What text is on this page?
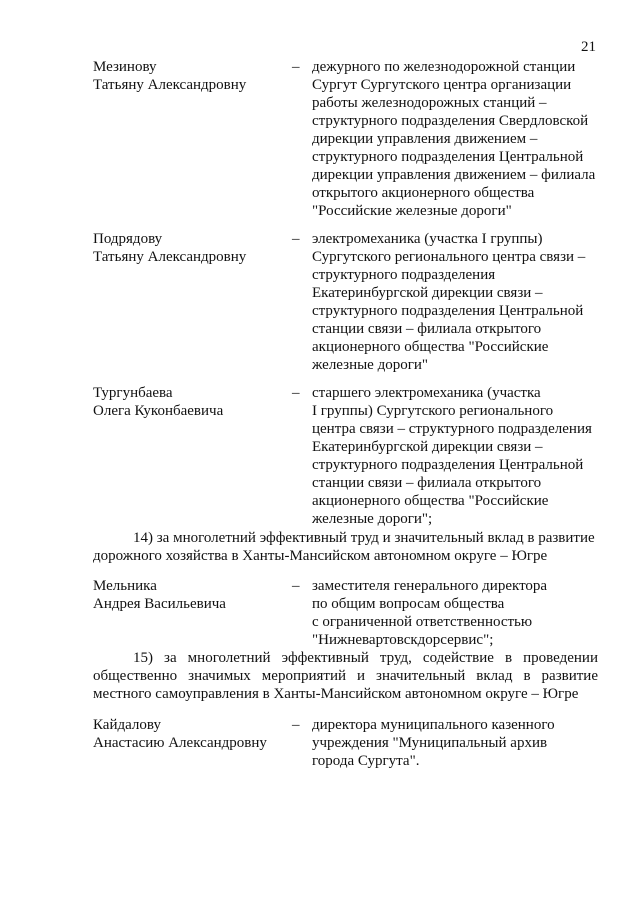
21
Мезинову
Татьяну Александровну
– дежурного по железнодорожной станции
Сургут Сургутского центра организации
работы железнодорожных станций –
структурного подразделения Свердловской
дирекции управления движением –
структурного подразделения Центральной
дирекции управления движением – филиала
открытого акционерного общества
"Российские железные дороги"
Подрядову
Татьяну Александровну
– электромеханика (участка I группы)
Сургутского регионального центра связи –
структурного подразделения
Екатеринбургской дирекции связи –
структурного подразделения Центральной
станции связи – филиала открытого
акционерного общества "Российские
железные дороги"
Тургунбаева
Олега Куконбаевича
– старшего электромеханика (участка
I группы) Сургутского регионального
центра связи – структурного подразделения
Екатеринбургской дирекции связи –
структурного подразделения Центральной
станции связи – филиала открытого
акционерного общества "Российские
железные дороги";
14) за многолетний эффективный труд и значительный вклад в развитие
дорожного хозяйства в Ханты-Мансийском автономном округе – Югре
Мельника
Андрея Васильевича
– заместителя генерального директора
по общим вопросам общества
с ограниченной ответственностью
"Нижневартовскдорсервис";
15) за многолетний эффективный труд, содействие в проведении
общественно значимых мероприятий и значительный вклад в развитие
местного самоуправления в Ханты-Мансийском автономном округе – Югре
Кайдалову
Анастасию Александровну
– директора муниципального казенного
учреждения "Муниципальный архив
города Сургута".
